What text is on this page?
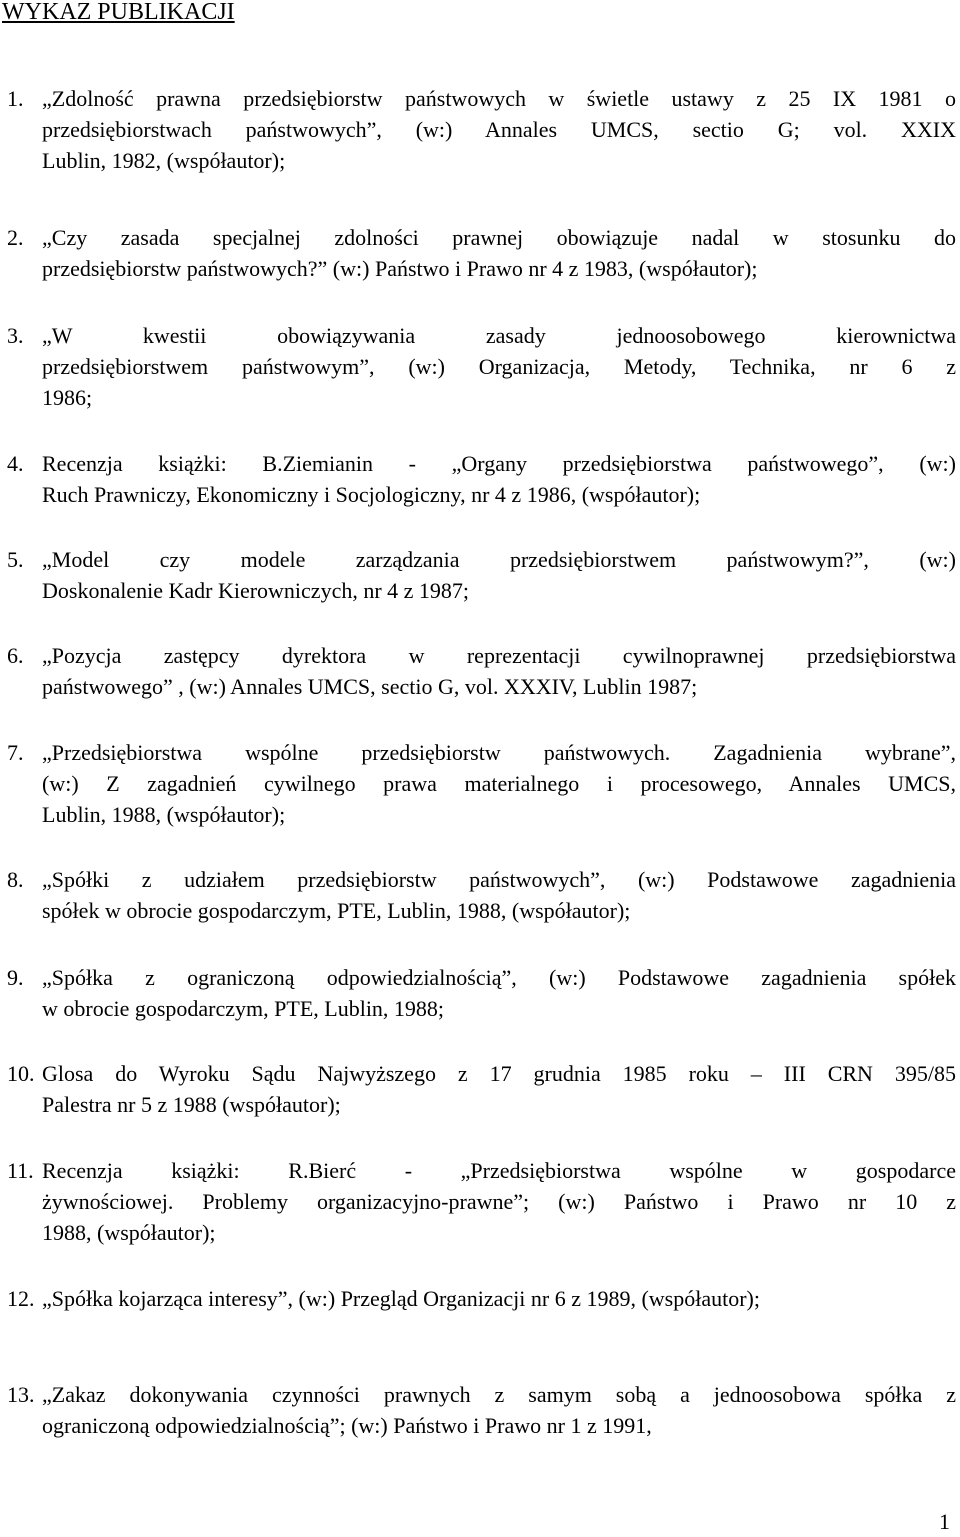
WYKAZ PUBLIKACJI
1. „Zdolność prawna przedsiębiorstw państwowych w świetle ustawy z 25 IX 1981 o
przedsiębiorstwach państwowych”, (w:) Annales UMCS, sectio G; vol. XXIX
Lublin, 1982, (współautor);
2. „Czy zasada specjalnej zdolności prawnej obowiązuje nadal w stosunku do
przedsiębiorstw państwowych?” (w:) Państwo i Prawo nr 4 z 1983, (współautor);
3. „W kwestii obowiązywania zasady jednoosobowego kierownictwa
przedsiębiorstwem państwowym”, (w:) Organizacja, Metody, Technika, nr 6 z
1986;
4. Recenzja książki: B.Ziemianin - „Organy przedsiębiorstwa państwowego”, (w:)
Ruch Prawniczy, Ekonomiczny i Socjologiczny, nr 4 z 1986, (współautor);
5. „Model czy modele zarządzania przedsiębiorstwem państwowym?”, (w:)
Doskonalenie Kadr Kierowniczych, nr 4 z 1987;
6. „Pozycja zastępcy dyrektora w reprezentacji cywilnoprawnej przedsiębiorstwa
państwowego” , (w:) Annales UMCS, sectio G, vol. XXXIV, Lublin 1987;
7. „Przedsiębiorstwa wspólne przedsiębiorstw państwowych. Zagadnienia wybrane”,
(w:) Z zagadnień cywilnego prawa materialnego i procesowego, Annales UMCS,
Lublin, 1988, (współautor);
8. „Spółki z udziałem przedsiębiorstw państwowych”, (w:) Podstawowe zagadnienia
spółek w obrocie gospodarczym, PTE, Lublin, 1988, (współautor);
9. „Spółka z ograniczoną odpowiedzialnością”, (w:) Podstawowe zagadnienia spółek
w obrocie gospodarczym, PTE, Lublin, 1988;
10. Glosa do Wyroku Sądu Najwyższego z 17 grudnia 1985 roku – III CRN 395/85
Palestra nr 5 z 1988 (współautor);
11. Recenzja książki: R.Bierć - „Przedsiębiorstwa wspólne w gospodarce
żywnościowej. Problemy organizacyjno-prawne”; (w:) Państwo i Prawo nr 10 z
1988, (współautor);
12. „Spółka kojarząca interesy”, (w:) Przegląd Organizacji nr 6 z 1989, (współautor);
13. „Zakaz dokonywania czynności prawnych z samym sobą a jednoosobowa spółka z
ograniczoną odpowiedzialnością”; (w:) Państwo i Prawo nr 1 z 1991,
1
